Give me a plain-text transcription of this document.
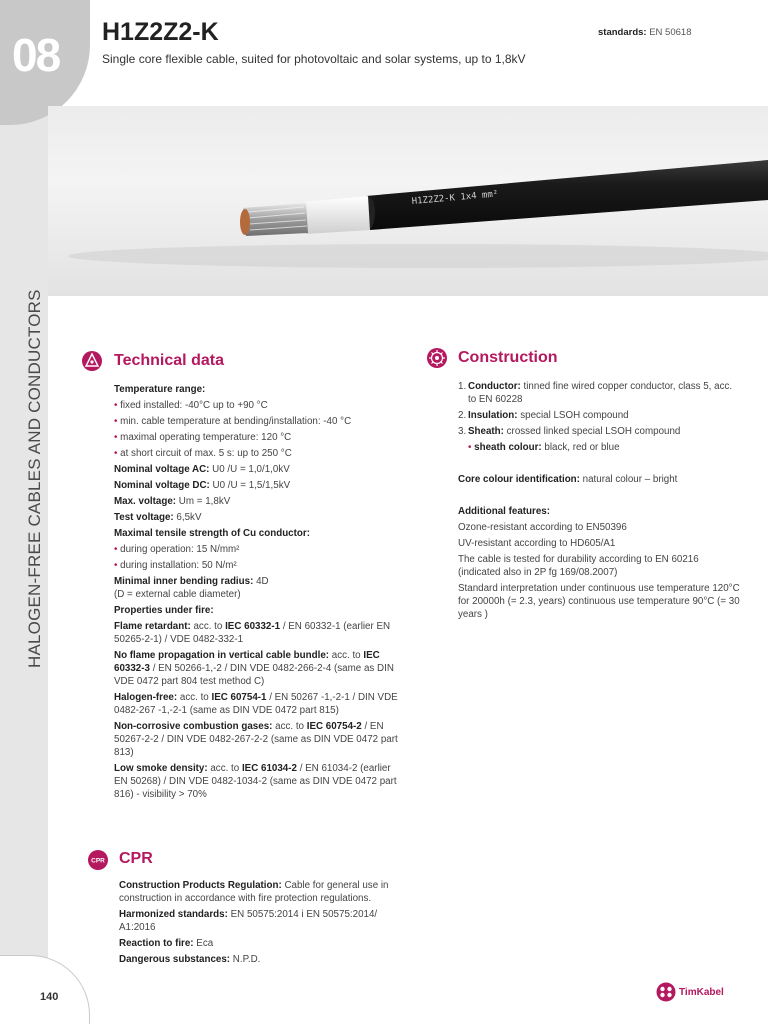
08
HALOGEN-FREE CABLES AND CONDUCTORS
140
H1Z2Z2-K
Single core flexible cable, suited for photovoltaic and solar systems, up to 1,8kV
standards: EN 50618
H1Z2Z2-K 1x4 mm²
Technical data
Temperature range:
• fixed installed: -40°C up to +90 °C
• min. cable temperature at bending/installation: -40 °C
• maximal operating temperature: 120 °C
• at short circuit of max. 5 s: up to 250 °C
Nominal voltage AC: U0 /U = 1,0/1,0kV
Nominal voltage DC: U0 /U = 1,5/1,5kV
Max. voltage: Um = 1,8kV
Test voltage: 6,5kV
Maximal tensile strength of Cu conductor:
• during operation: 15 N/mm²
• during installation: 50 N/m²
Minimal inner bending radius: 4D
(D = external cable diameter)
Properties under fire:
Flame retardant: acc. to IEC 60332-1 / EN 60332-1 (earlier EN 50265-2-1) / VDE 0482-332-1
No flame propagation in vertical cable bundle: acc. to IEC 60332-3 / EN 50266-1,-2 / DIN VDE 0482-266-2-4 (same as DIN VDE 0472 part 804 test method C)
Halogen-free: acc. to IEC 60754-1 / EN 50267 -1,-2-1 / DIN VDE 0482-267 -1,-2-1 (same as DIN VDE 0472 part 815)
Non-corrosive combustion gases: acc. to IEC 60754-2 / EN 50267-2-2 / DIN VDE 0482-267-2-2 (same as DIN VDE 0472 part 813)
Low smoke density: acc. to IEC 61034-2 / EN 61034-2 (earlier EN 50268) / DIN VDE 0482-1034-2 (same as DIN VDE 0472 part 816) - visibility > 70%
Construction
1. Conductor: tinned fine wired copper conductor, class 5, acc. to EN 60228
2. Insulation: special LSOH compound
3. Sheath: crossed linked special LSOH compound
• sheath colour: black, red or blue
Core colour identification: natural colour – bright
Additional features:
Ozone-resistant according to EN50396
UV-resistant according to HD605/A1
The cable is tested for durability according to EN 60216 (indicated also in 2P fg 169/08.2007)
Standard interpretation under continuous use temperature 120°C for 20000h (= 2.3, years) continuous use temperature 90°C (= 30 years )
CPR CPR
Construction Products Regulation: Cable for general use in construction in accordance with fire protection regulations.
Harmonized standards: EN 50575:2014 i EN 50575:2014/ A1:2016
Reaction to fire: Eca
Dangerous substances: N.P.D.
TimKabel
